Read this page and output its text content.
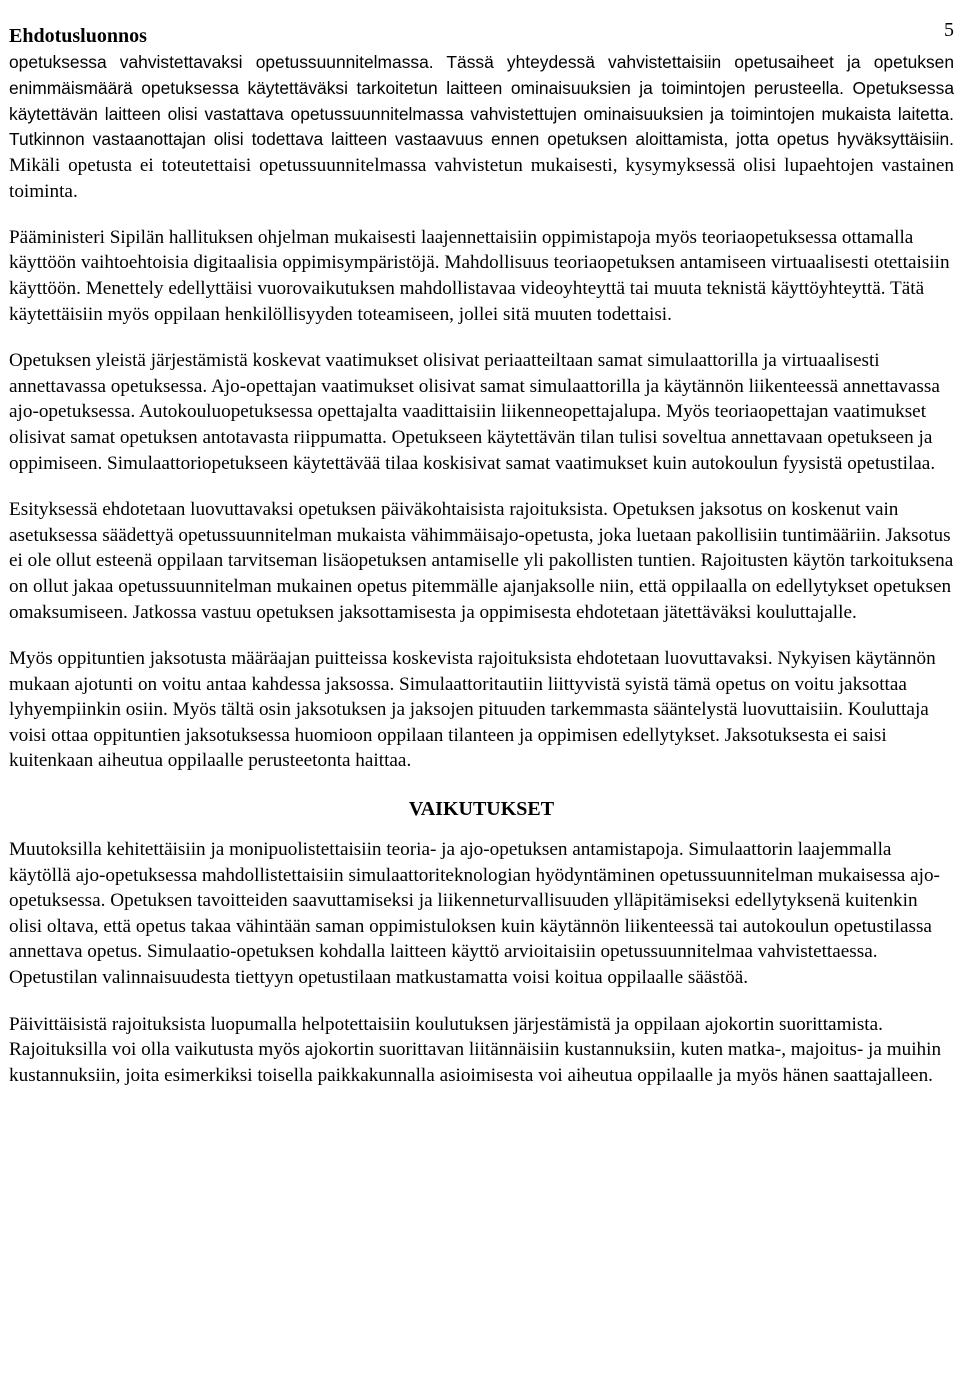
Ehdotusluonnos	5

opetuksessa vahvistettavaksi opetussuunnitelmassa. Tässä yhteydessä vahvistettaisiin opetusaiheet ja opetuksen enimmäismäärä opetuksessa käytettäväksi tarkoitetun laitteen ominaisuuksien ja toimintojen perusteella. Opetuksessa käytettävän laitteen olisi vastattava opetussuunnitelmassa vahvistettujen ominaisuuksien ja toimintojen mukaista laitetta. Tutkinnon vastaanottajan olisi todettava laitteen vastaavuus ennen opetuksen aloittamista, jotta opetus hyväksyttäisiin. Mikäli opetusta ei toteutettaisi opetussuunnitelmassa vahvistetun mukaisesti, kysymyksessä olisi lupaehtojen vastainen toiminta.

Pääministeri Sipilän hallituksen ohjelman mukaisesti laajennettaisiin oppimistapoja myös teoriaopetuksessa ottamalla käyttöön vaihtoehtoisia digitaalisia oppimisympäristöjä. Mahdollisuus teoriaopetuksen antamiseen virtuaalisesti otettaisiin käyttöön. Menettely edellyttäisi vuorovaikutuksen mahdollistavaa videoyhteyttä tai muuta teknistä käyttöyhteyttä. Tätä käytettäisiin myös oppilaan henkilöllisyyden toteamiseen, jollei sitä muuten todettaisi.

Opetuksen yleistä järjestämistä koskevat vaatimukset olisivat periaatteiltaan samat simulaattorilla ja virtuaalisesti annettavassa opetuksessa. Ajo-opettajan vaatimukset olisivat samat simulaattorilla ja käytännön liikenteessä annettavassa ajo-opetuksessa. Autokouluopetuksessa opettajalta vaadittaisiin liikenneopettajalupa. Myös teoriaopettajan vaatimukset olisivat samat opetuksen antotavasta riippumatta. Opetukseen käytettävän tilan tulisi soveltua annettavaan opetukseen ja oppimiseen. Simulaattoriopetukseen käytettävää tilaa koskisivat samat vaatimukset kuin autokoulun fyysistä opetustilaa.

Esityksessä ehdotetaan luovuttavaksi opetuksen päiväkohtaisista rajoituksista. Opetuksen jaksotus on koskenut vain asetuksessa säädettyä opetussuunnitelman mukaista vähimmäisajo-opetusta, joka luetaan pakollisiin tuntimääriin. Jaksotus ei ole ollut esteenä oppilaan tarvitseman lisäopetuksen antamiselle yli pakollisten tuntien. Rajoitusten käytön tarkoituksena on ollut jakaa opetussuunnitelman mukainen opetus pitemmälle ajanjaksolle niin, että oppilaalla on edellytykset opetuksen omaksumiseen. Jatkossa vastuu opetuksen jaksottamisesta ja oppimisesta ehdotetaan jätettäväksi kouluttajalle.

Myös oppituntien jaksotusta määräajan puitteissa koskevista rajoituksista ehdotetaan luovuttavaksi. Nykyisen käytännön mukaan ajotunti on voitu antaa kahdessa jaksossa. Simulaattoritautiin liittyvistä syistä tämä opetus on voitu jaksottaa lyhyempiinkin osiin. Myös tältä osin jaksotuksen ja jaksojen pituuden tarkemmasta sääntelystä luovuttaisiin. Kouluttaja voisi ottaa oppituntien jaksotuksessa huomioon oppilaan tilanteen ja oppimisen edellytykset. Jaksotuksesta ei saisi kuitenkaan aiheutua oppilaalle perusteetonta haittaa.

VAIKUTUKSET

Muutoksilla kehitettäisiin ja monipuolistettaisiin teoria- ja ajo-opetuksen antamistapoja. Simulaattorin laajemmalla käytöllä ajo-opetuksessa mahdollistettaisiin simulaattoriteknologian hyödyntäminen opetussuunnitelman mukaisessa ajo-opetuksessa. Opetuksen tavoitteiden saavuttamiseksi ja liikenneturvallisuuden ylläpitämiseksi edellytyksenä kuitenkin olisi oltava, että opetus takaa vähintään saman oppimistuloksen kuin käytännön liikenteessä tai autokoulun opetustilassa annettava opetus. Simulaatio-opetuksen kohdalla laitteen käyttö arvioitaisiin opetussuunnitelmaa vahvistettaessa. Opetustilan valinnaisuudesta tiettyyn opetustilaan matkustamatta voisi koitua oppilaalle säästöä.

Päivittäisistä rajoituksista luopumalla helpotettaisiin koulutuksen järjestämistä ja oppilaan ajokortin suorittamista. Rajoituksilla voi olla vaikutusta myös ajokortin suorittavan liitännäisiin kustannuksiin, kuten matka-, majoitus- ja muihin kustannuksiin, joita esimerkiksi toisella paikkakunnalla asioimisesta voi aiheutua oppilaalle ja myös hänen saattajalleen.
